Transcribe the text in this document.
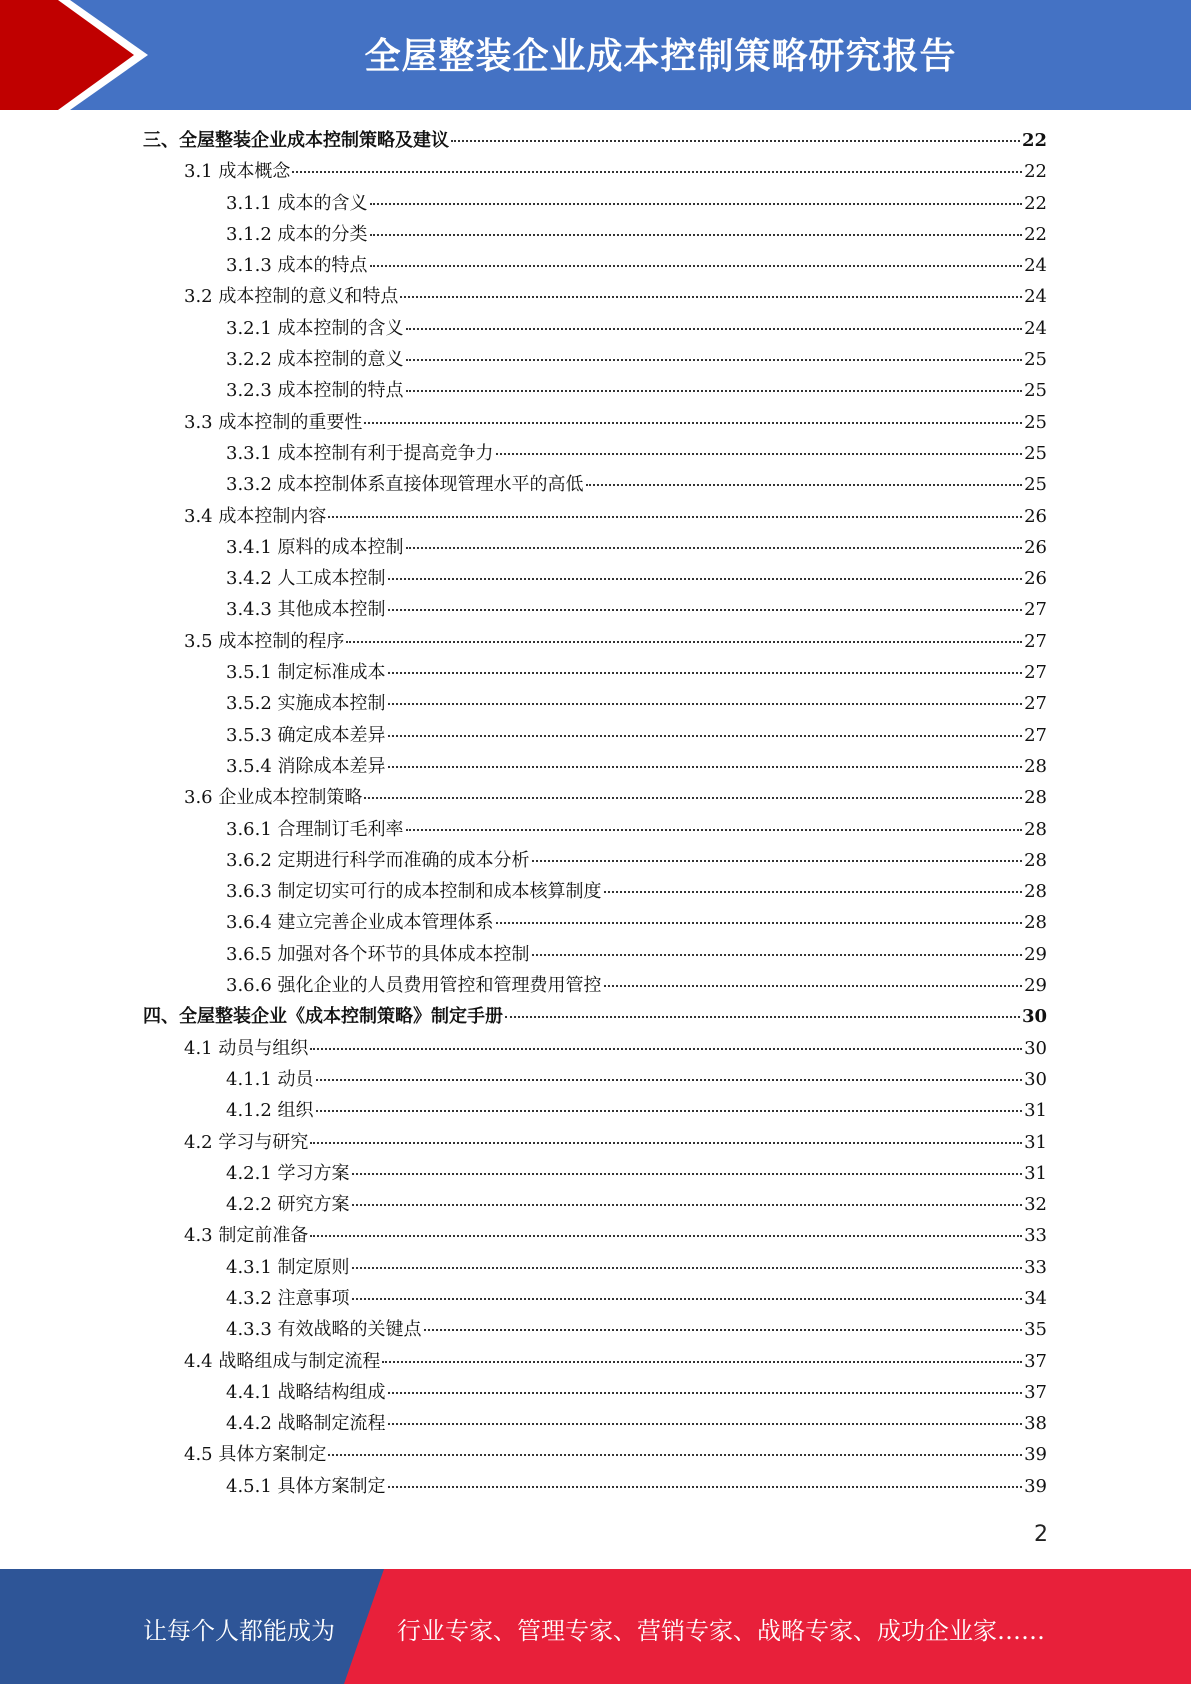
全屋整装企业成本控制策略研究报告
三、全屋整装企业成本控制策略及建议	22
3.1 成本概念	22
3.1.1 成本的含义	22
3.1.2 成本的分类	22
3.1.3 成本的特点	24
3.2 成本控制的意义和特点	24
3.2.1 成本控制的含义	24
3.2.2 成本控制的意义	25
3.2.3 成本控制的特点	25
3.3 成本控制的重要性	25
3.3.1 成本控制有利于提高竞争力	25
3.3.2 成本控制体系直接体现管理水平的高低	25
3.4 成本控制内容	26
3.4.1 原料的成本控制	26
3.4.2 人工成本控制	26
3.4.3 其他成本控制	27
3.5 成本控制的程序	27
3.5.1 制定标准成本	27
3.5.2 实施成本控制	27
3.5.3 确定成本差异	27
3.5.4 消除成本差异	28
3.6 企业成本控制策略	28
3.6.1 合理制订毛利率	28
3.6.2 定期进行科学而准确的成本分析	28
3.6.3 制定切实可行的成本控制和成本核算制度	28
3.6.4 建立完善企业成本管理体系	28
3.6.5 加强对各个环节的具体成本控制	29
3.6.6 强化企业的人员费用管控和管理费用管控	29
四、全屋整装企业《成本控制策略》制定手册	30
4.1 动员与组织	30
4.1.1 动员	30
4.1.2 组织	31
4.2 学习与研究	31
4.2.1 学习方案	31
4.2.2 研究方案	32
4.3 制定前准备	33
4.3.1 制定原则	33
4.3.2 注意事项	34
4.3.3 有效战略的关键点	35
4.4 战略组成与制定流程	37
4.4.1 战略结构组成	37
4.4.2 战略制定流程	38
4.5 具体方案制定	39
4.5.1 具体方案制定	39
2
让每个人都能成为	行业专家、管理专家、营销专家、战略专家、成功企业家……
